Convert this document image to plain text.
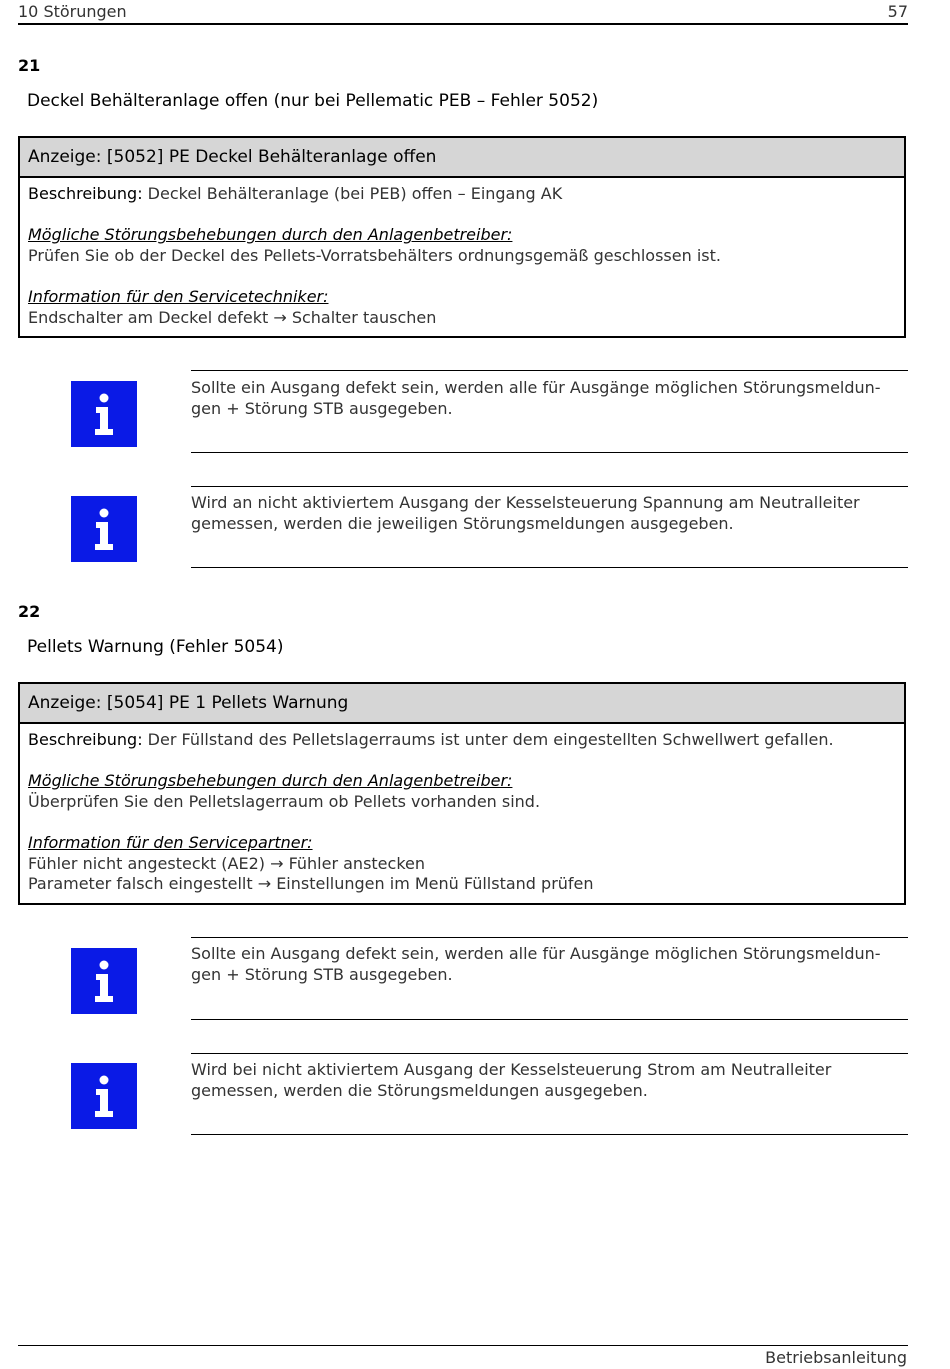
10 Störungen	57
21
Deckel Behälteranlage offen (nur bei Pellematic PEB – Fehler 5052)
Anzeige: [5052] PE Deckel Behälteranlage offen
Beschreibung: Deckel Behälteranlage (bei PEB) offen – Eingang AK
Mögliche Störungsbehebungen durch den Anlagenbetreiber:
Prüfen Sie ob der Deckel des Pellets-Vorratsbehälters ordnungsgemäß geschlossen ist.
Information für den Servicetechniker:
Endschalter am Deckel defekt → Schalter tauschen
Sollte ein Ausgang defekt sein, werden alle für Ausgänge möglichen Störungsmeldun-
gen + Störung STB ausgegeben.
Wird an nicht aktiviertem Ausgang der Kesselsteuerung Spannung am Neutralleiter
gemessen, werden die jeweiligen Störungsmeldungen ausgegeben.
22
Pellets Warnung (Fehler 5054)
Anzeige: [5054] PE 1 Pellets Warnung
Beschreibung: Der Füllstand des Pelletslagerraums ist unter dem eingestellten Schwellwert gefallen.
Mögliche Störungsbehebungen durch den Anlagenbetreiber:
Überprüfen Sie den Pelletslagerraum ob Pellets vorhanden sind.
Information für den Servicepartner:
Fühler nicht angesteckt (AE2) → Fühler anstecken
Parameter falsch eingestellt → Einstellungen im Menü Füllstand prüfen
Sollte ein Ausgang defekt sein, werden alle für Ausgänge möglichen Störungsmeldun-
gen + Störung STB ausgegeben.
Wird bei nicht aktiviertem Ausgang der Kesselsteuerung Strom am Neutralleiter
gemessen, werden die Störungsmeldungen ausgegeben.
Betriebsanleitung
